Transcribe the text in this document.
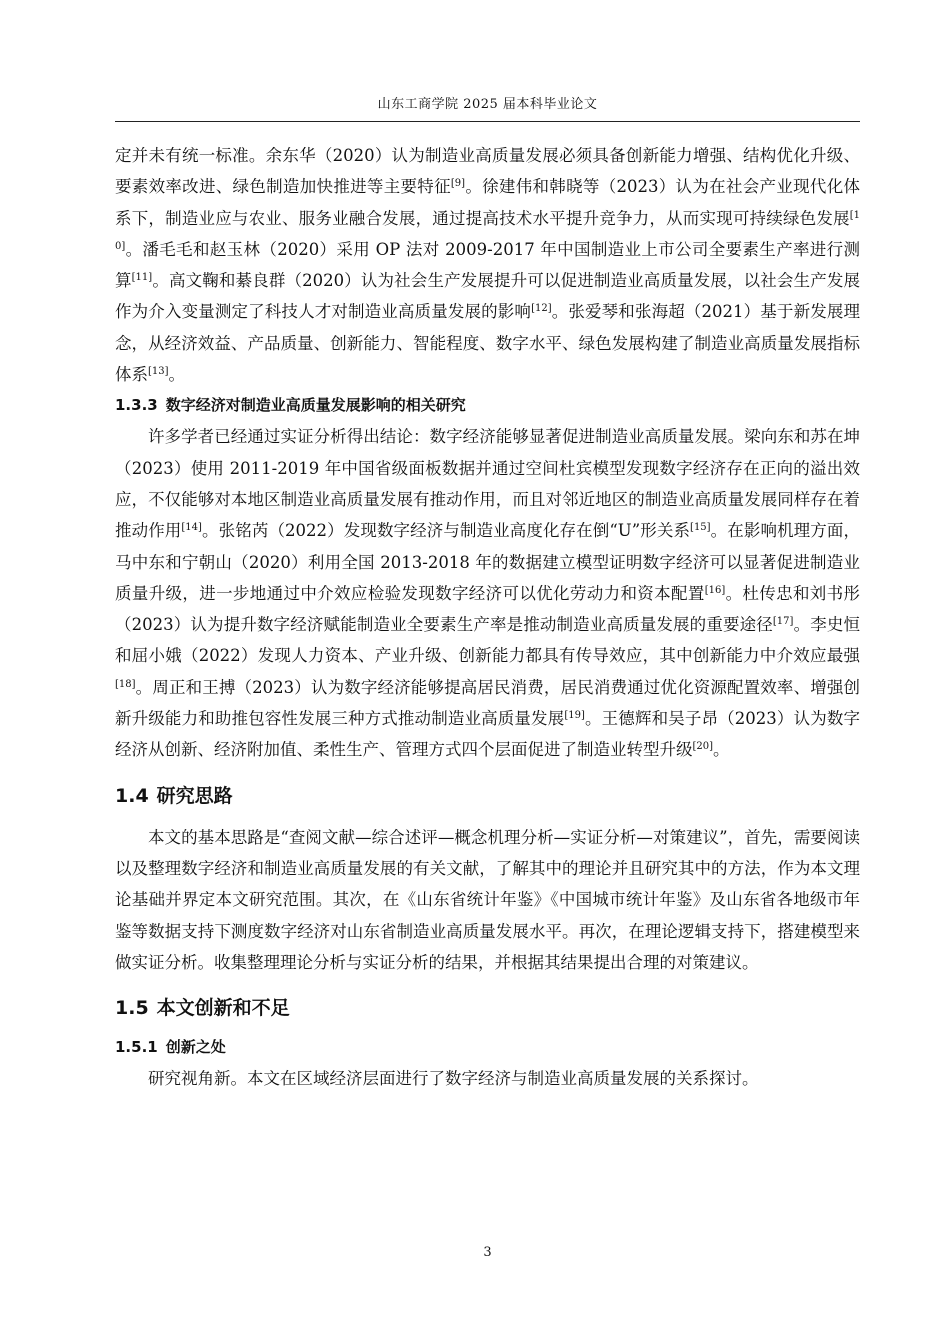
山东工商学院 2025 届本科毕业论文

定并未有统一标准。余东华（2020）认为制造业高质量发展必须具备创新能力增强、结构优化升级、要素效率改进、绿色制造加快推进等主要特征[9]。徐建伟和韩晓等（2023）认为在社会产业现代化体系下，制造业应与农业、服务业融合发展，通过提高技术水平提升竞争力，从而实现可持续绿色发展[10]。潘毛毛和赵玉林（2020）采用 OP 法对 2009-2017 年中国制造业上市公司全要素生产率进行测算[11]。高文鞠和綦良群（2020）认为社会生产发展提升可以促进制造业高质量发展，以社会生产发展作为介入变量测定了科技人才对制造业高质量发展的影响[12]。张爱琴和张海超（2021）基于新发展理念，从经济效益、产品质量、创新能力、智能程度、数字水平、绿色发展构建了制造业高质量发展指标体系[13]。

1.3.3 数字经济对制造业高质量发展影响的相关研究

许多学者已经通过实证分析得出结论：数字经济能够显著促进制造业高质量发展。梁向东和苏在坤（2023）使用 2011-2019 年中国省级面板数据并通过空间杜宾模型发现数字经济存在正向的溢出效应，不仅能够对本地区制造业高质量发展有推动作用，而且对邻近地区的制造业高质量发展同样存在着推动作用[14]。张铭芮（2022）发现数字经济与制造业高度化存在倒“U”形关系[15]。在影响机理方面，马中东和宁朝山（2020）利用全国 2013-2018 年的数据建立模型证明数字经济可以显著促进制造业质量升级，进一步地通过中介效应检验发现数字经济可以优化劳动力和资本配置[16]。杜传忠和刘书彤（2023）认为提升数字经济赋能制造业全要素生产率是推动制造业高质量发展的重要途径[17]。李史恒和屈小娥（2022）发现人力资本、产业升级、创新能力都具有传导效应，其中创新能力中介效应最强[18]。周正和王搏（2023）认为数字经济能够提高居民消费，居民消费通过优化资源配置效率、增强创新升级能力和助推包容性发展三种方式推动制造业高质量发展[19]。王德辉和吴子昂（2023）认为数字经济从创新、经济附加值、柔性生产、管理方式四个层面促进了制造业转型升级[20]。

1.4 研究思路

本文的基本思路是“查阅文献—综合述评—概念机理分析—实证分析—对策建议”，首先，需要阅读以及整理数字经济和制造业高质量发展的有关文献，了解其中的理论并且研究其中的方法，作为本文理论基础并界定本文研究范围。其次，在《山东省统计年鉴》《中国城市统计年鉴》及山东省各地级市年鉴等数据支持下测度数字经济对山东省制造业高质量发展水平。再次，在理论逻辑支持下，搭建模型来做实证分析。收集整理理论分析与实证分析的结果，并根据其结果提出合理的对策建议。

1.5 本文创新和不足
1.5.1 创新之处

研究视角新。本文在区域经济层面进行了数字经济与制造业高质量发展的关系探讨。

3
